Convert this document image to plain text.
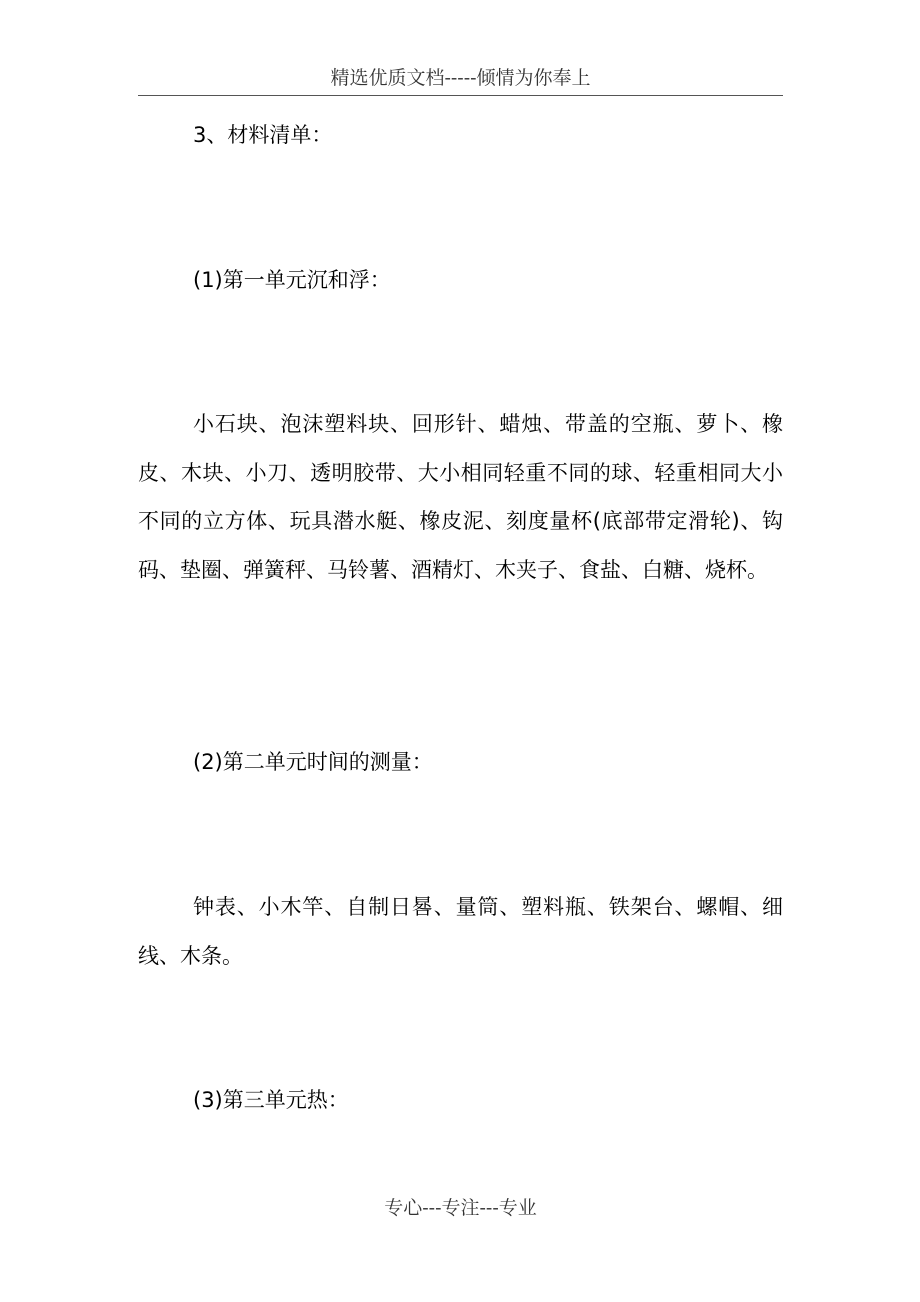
精选优质文档-----倾情为你奉上

3、材料清单：

(1)第一单元沉和浮：

小石块、泡沫塑料块、回形针、蜡烛、带盖的空瓶、萝卜、橡皮、木块、小刀、透明胶带、大小相同轻重不同的球、轻重相同大小不同的立方体、玩具潜水艇、橡皮泥、刻度量杯(底部带定滑轮)、钩码、垫圈、弹簧秤、马铃薯、酒精灯、木夹子、食盐、白糖、烧杯。

(2)第二单元时间的测量：

钟表、小木竿、自制日晷、量筒、塑料瓶、铁架台、螺帽、细线、木条。

(3)第三单元热：

专心---专注---专业
